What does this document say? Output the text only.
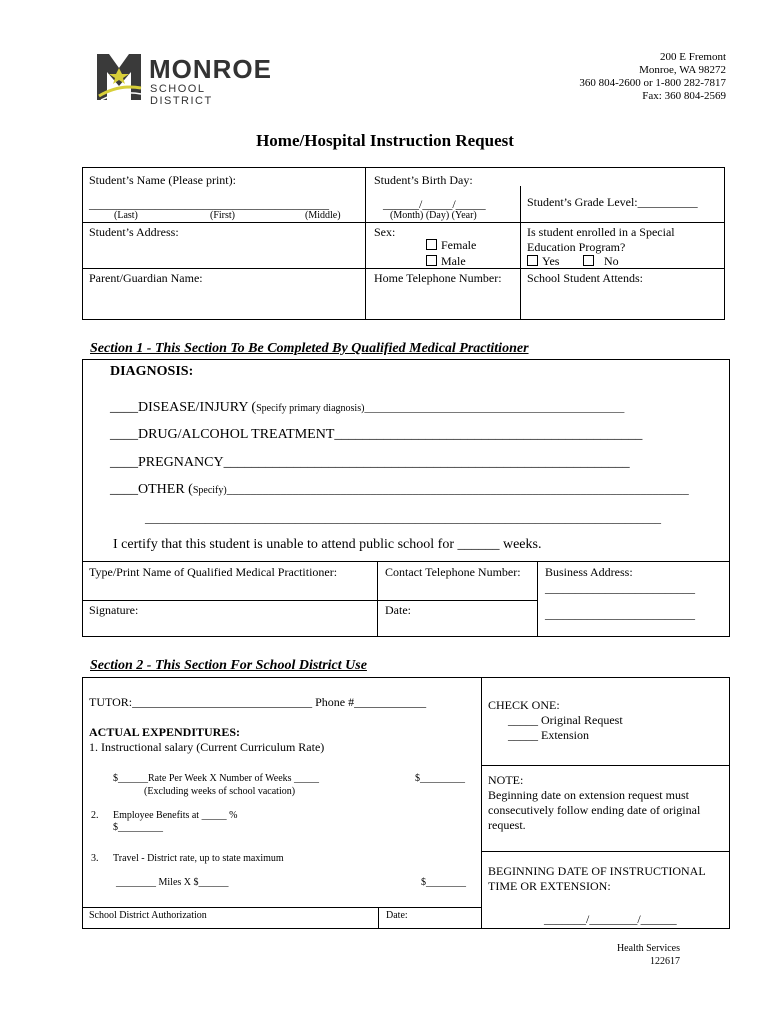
MONROE
SCHOOL DISTRICT
200 E Fremont
Monroe, WA 98272
360 804-2600 or 1-800 282-7817
Fax: 360 804-2569
Home/Hospital Instruction Request
Student’s Name (Please print):
________________________________________
(Last)	(First)	(Middle)
Student’s Birth Day:
______/_____/_____
(Month) (Day) (Year)
Student’s Grade Level:__________
Student’s Address:	Sex:
Female
Male
Is student enrolled in a Special
Education Program?
Yes	No
Parent/Guardian Name:	Home Telephone Number: School Student Attends:
Section 1 - This Section To Be Completed By Qualified Medical Practitioner
DIAGNOSIS:
____DISEASE/INJURY (Specify primary diagnosis)____________________________________________________
____DRUG/ALCOHOL TREATMENT____________________________________________
____PREGNANCY__________________________________________________________
____OTHER (Specify)_____________________________________________________________________________
______________________________________________________________________________________
I certify that this student is unable to attend public school for ______ weeks.
Type/Print Name of Qualified Medical Practitioner:	Contact Telephone Number: Business Address:
_________________________
_________________________
Signature:	Date:
Section 2 - This Section For School District Use
TUTOR:______________________________ Phone #____________
ACTUAL EXPENDITURES:
1. Instructional salary (Current Curriculum Rate)
$______Rate Per Week X Number of Weeks _____
(Excluding weeks of school vacation)
$_________
2. Employee Benefits at _____ %
$_________
3. Travel - District rate, up to state maximum
________ Miles X $______	$________
School District Authorization	Date:
CHECK ONE:
_____ Original Request
_____ Extension
NOTE:
Beginning date on extension request must consecutively follow ending date of original request.
BEGINNING DATE OF INSTRUCTIONAL TIME OR EXTENSION:
_______/________/______
Health Services
122617
